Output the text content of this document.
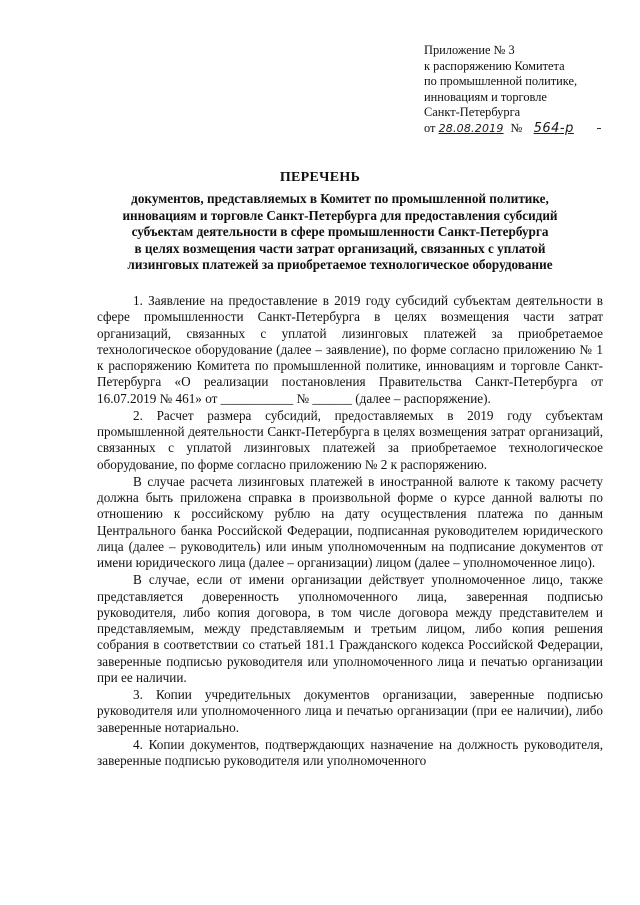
Приложение № 3
к распоряжению Комитета
по промышленной политике,
инновациям и торговле
Санкт-Петербурга
от 28.08.2019 № 564-р
ПЕРЕЧЕНЬ
документов, представляемых в Комитет по промышленной политике,
инновациям и торговле Санкт-Петербурга для предоставления субсидий
субъектам деятельности в сфере промышленности Санкт-Петербурга
в целях возмещения части затрат организаций, связанных с уплатой
лизинговых платежей за приобретаемое технологическое оборудование

1. Заявление на предоставление в 2019 году субсидий субъектам деятельности в сфере промышленности Санкт-Петербурга в целях возмещения части затрат организаций, связанных с уплатой лизинговых платежей за приобретаемое технологическое оборудование (далее – заявление), по форме согласно приложению № 1 к распоряжению Комитета по промышленной политике, инновациям и торговле Санкт-Петербурга «О реализации постановления Правительства Санкт-Петербурга от 16.07.2019 № 461» от ___________ № ______ (далее – распоряжение).

2. Расчет размера субсидий, предоставляемых в 2019 году субъектам промышленной деятельности Санкт-Петербурга в целях возмещения затрат организаций, связанных с уплатой лизинговых платежей за приобретаемое технологическое оборудование, по форме согласно приложению № 2 к распоряжению.

В случае расчета лизинговых платежей в иностранной валюте к такому расчету должна быть приложена справка в произвольной форме о курсе данной валюты по отношению к российскому рублю на дату осуществления платежа по данным Центрального банка Российской Федерации, подписанная руководителем юридического лица (далее – руководитель) или иным уполномоченным на подписание документов от имени юридического лица (далее – организации) лицом (далее – уполномоченное лицо).

В случае, если от имени организации действует уполномоченное лицо, также представляется доверенность уполномоченного лица, заверенная подписью руководителя, либо копия договора, в том числе договора между представителем и представляемым, между представляемым и третьим лицом, либо копия решения собрания в соответствии со статьей 181.1 Гражданского кодекса Российской Федерации, заверенные подписью руководителя или уполномоченного лица и печатью организации при ее наличии.

3. Копии учредительных документов организации, заверенные подписью руководителя или уполномоченного лица и печатью организации (при ее наличии), либо заверенные нотариально.

4. Копии документов, подтверждающих назначение на должность руководителя, заверенные подписью руководителя или уполномоченного
